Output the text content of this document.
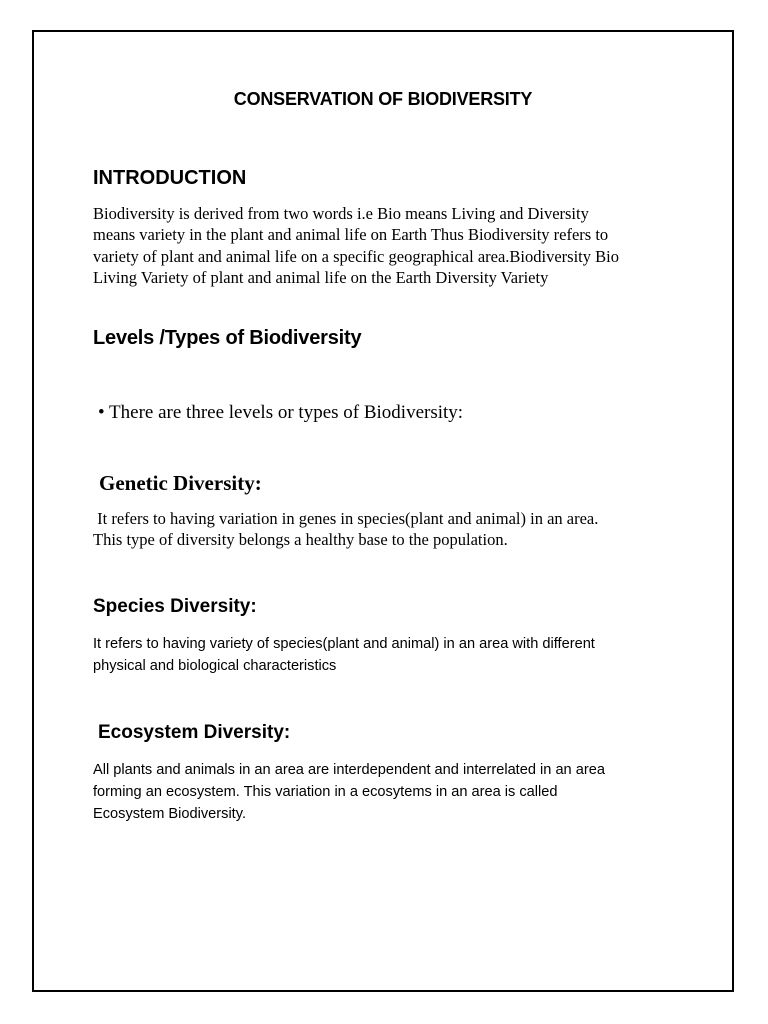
CONSERVATION OF BIODIVERSITY
INTRODUCTION
Biodiversity is derived from two words i.e Bio means Living and Diversity
means variety in the plant and animal life on Earth Thus Biodiversity refers to
variety of plant and animal life on a specific geographical area.Biodiversity Bio
Living Variety of plant and animal life on the Earth Diversity Variety
Levels /Types of Biodiversity

• There are three levels or types of Biodiversity:

Genetic Diversity:
It refers to having variation in genes in species(plant and animal) in an area.
This type of diversity belongs a healthy base to the population.
Species Diversity:
It refers to having variety of species(plant and animal) in an area with different
physical and biological characteristics
Ecosystem Diversity:
All plants and animals in an area are interdependent and interrelated in an area
forming an ecosystem. This variation in a ecosytems in an area is called
Ecosystem Biodiversity.
